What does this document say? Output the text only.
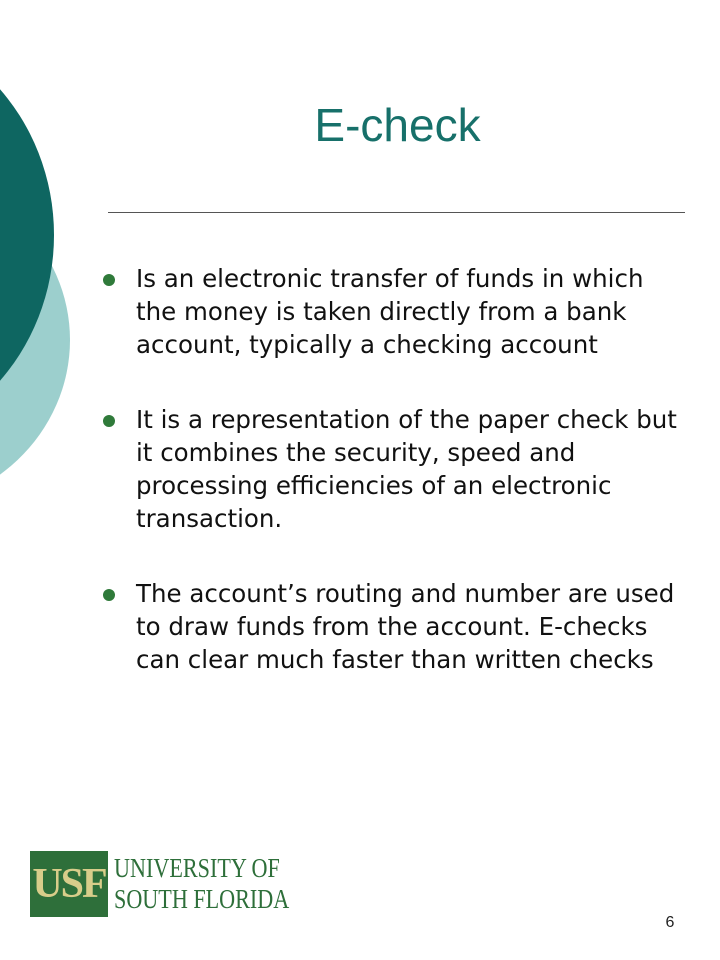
E-check
Is an electronic transfer of funds in which the money is taken directly from a bank account, typically a checking account
It is a representation of the paper check but it combines the security, speed and processing efficiencies of an electronic transaction.
The account’s routing and number are used to draw funds from the account. E-checks can clear much faster than written checks
USF UNIVERSITY OF
SOUTH FLORIDA
6
